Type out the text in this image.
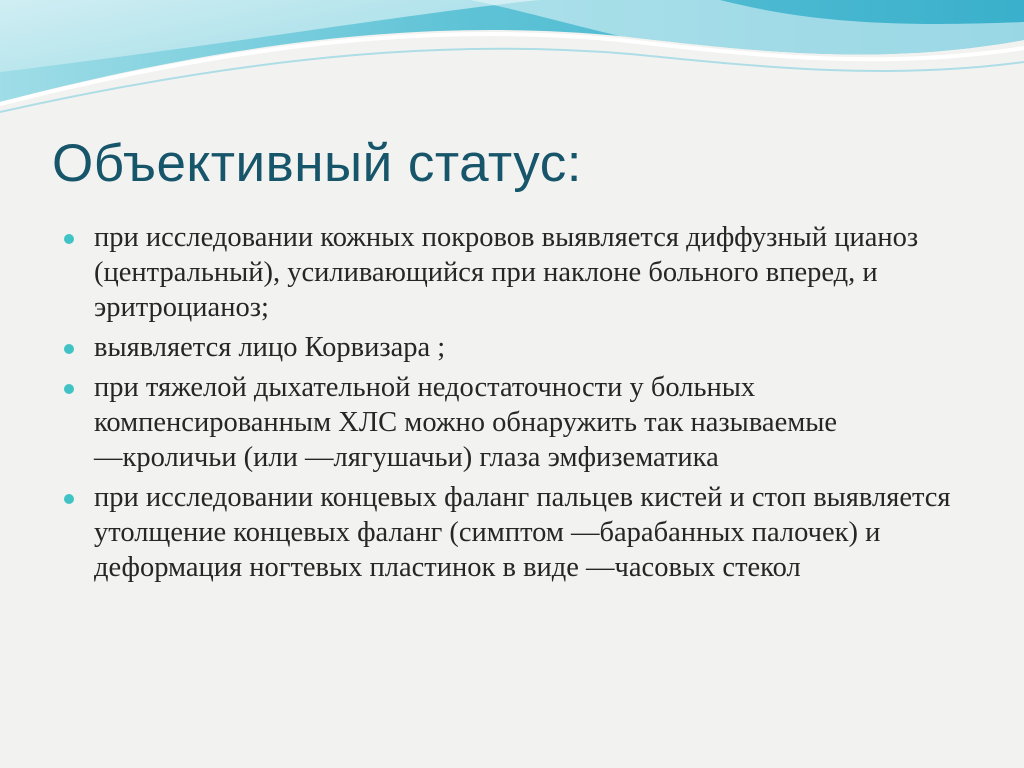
Объективный статус:
при исследовании кожных покровов выявляется диффузный цианоз (центральный), усиливающийся при наклоне больного вперед, и эритроцианоз;
выявляется лицо Корвизара ;
при тяжелой дыхательной недостаточности у больных компенсированным ХЛС можно обнаружить так называемые ―кроличьи (или ―лягушачьи) глаза эмфизематика
при исследовании концевых фаланг пальцев кистей и стоп выявляется утолщение концевых фаланг (симптом ―барабанных палочек) и деформация ногтевых пластинок в виде ―часовых стекол
